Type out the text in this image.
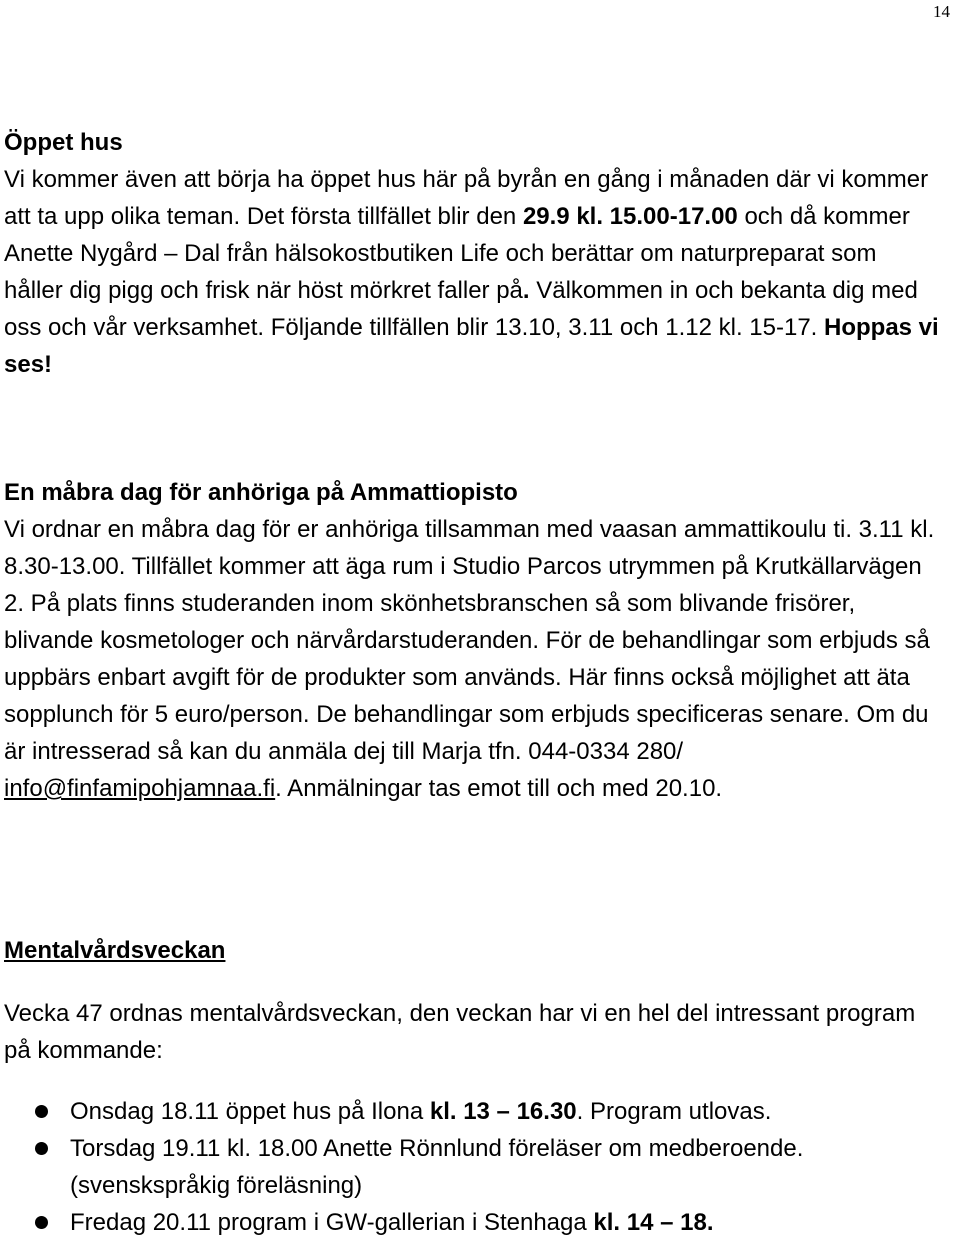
14
Öppet hus

Vi kommer även att börja ha öppet hus här på byrån en gång i månaden där vi kommer att ta upp olika teman. Det första tillfället blir den 29.9 kl. 15.00-17.00 och då kommer Anette Nygård – Dal från hälsokostbutiken Life och berättar om naturpreparat som håller dig pigg och frisk när höst mörkret faller på. Välkommen in och bekanta dig med oss och vår verksamhet. Följande tillfällen blir 13.10, 3.11 och 1.12 kl. 15-17. Hoppas vi ses!

En måbra dag för anhöriga på Ammattiopisto

Vi ordnar en måbra dag för er anhöriga tillsamman med vaasan ammattikoulu ti. 3.11 kl. 8.30-13.00. Tillfället kommer att äga rum i Studio Parcos utrymmen på Krutkällarvägen 2. På plats finns studeranden inom skönhetsbranschen så som blivande frisörer, blivande kosmetologer och närvårdarstuderanden. För de behandlingar som erbjuds så uppbärs enbart avgift för de produkter som används. Här finns också möjlighet att äta sopplunch för 5 euro/person. De behandlingar som erbjuds specificeras senare. Om du är intresserad så kan du anmäla dej till Marja tfn. 044-0334 280/ info@finfamipohjamnaa.fi. Anmälningar tas emot till och med 20.10.

Mentalvårdsveckan

Vecka 47 ordnas mentalvårdsveckan, den veckan har vi en hel del intressant program på kommande:

Onsdag 18.11 öppet hus på Ilona kl. 13 – 16.30. Program utlovas.
Torsdag 19.11 kl. 18.00 Anette Rönnlund föreläser om medberoende. (svenskspråkig föreläsning)
Fredag 20.11 program i GW-gallerian i Stenhaga kl. 14 – 18.
